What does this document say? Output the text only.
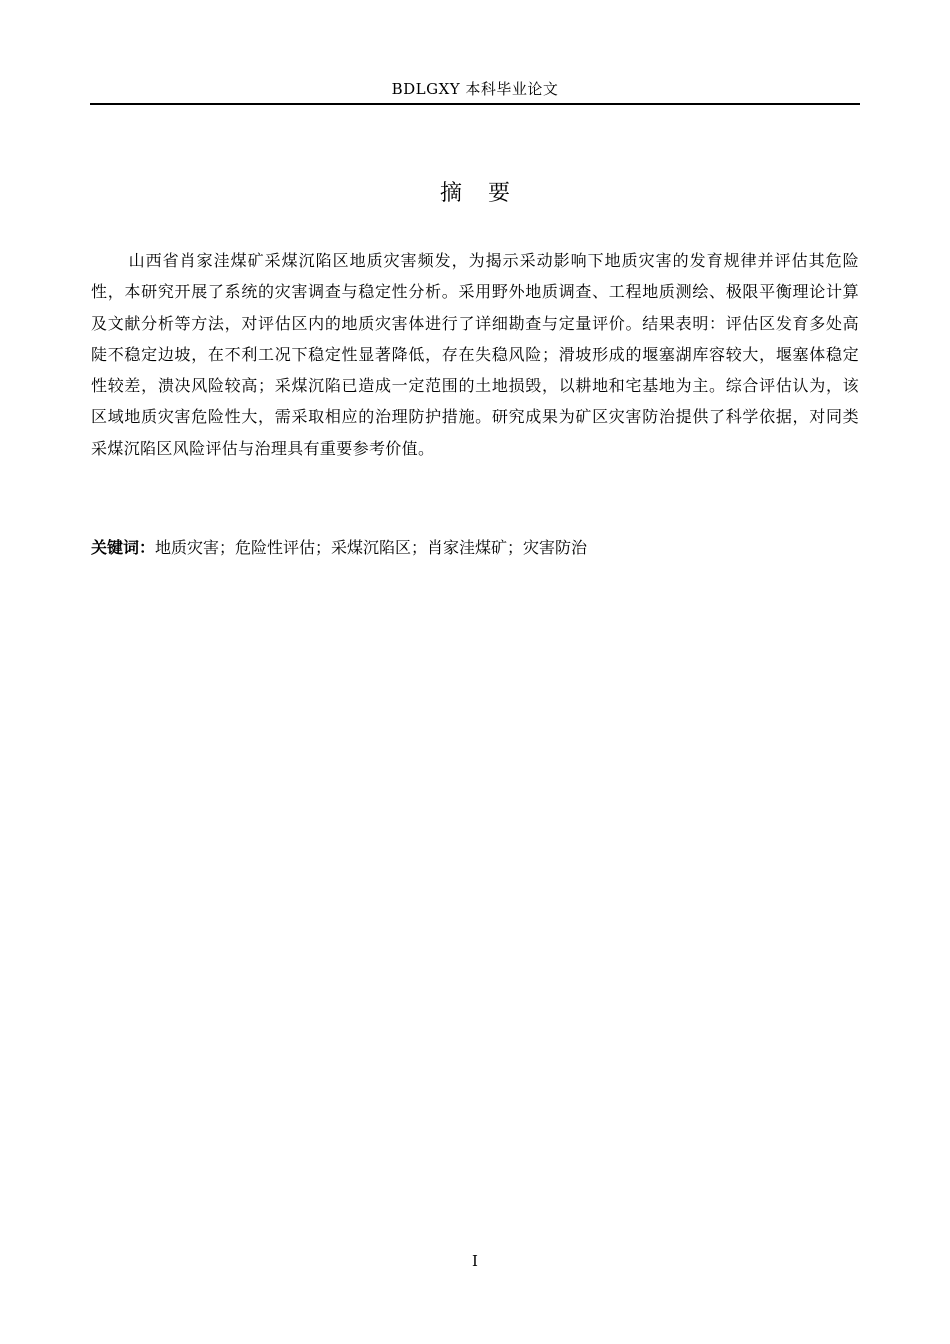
BDLGXY 本科毕业论文
摘要

山西省肖家洼煤矿采煤沉陷区地质灾害频发，为揭示采动影响下地质灾害的发育规律并评估其危险性，本研究开展了系统的灾害调查与稳定性分析。采用野外地质调查、工程地质测绘、极限平衡理论计算及文献分析等方法，对评估区内的地质灾害体进行了详细勘查与定量评价。结果表明：评估区发育多处高陡不稳定边坡，在不利工况下稳定性显著降低，存在失稳风险；滑坡形成的堰塞湖库容较大，堰塞体稳定性较差，溃决风险较高；采煤沉陷已造成一定范围的土地损毁，以耕地和宅基地为主。综合评估认为，该区域地质灾害危险性大，需采取相应的治理防护措施。研究成果为矿区灾害防治提供了科学依据，对同类采煤沉陷区风险评估与治理具有重要参考价值。

关键词：地质灾害；危险性评估；采煤沉陷区；肖家洼煤矿；灾害防治
I
